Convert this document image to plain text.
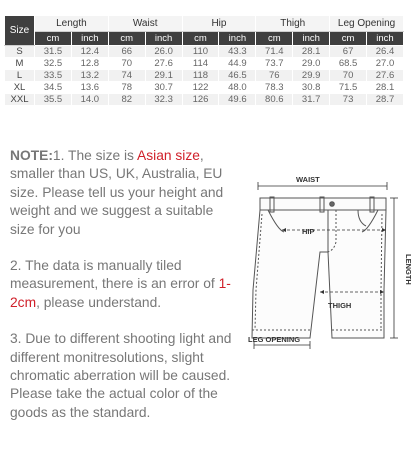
Size	Length		Waist		Hip		Thigh		Leg Opening	
	cm	inch	cm	inch	cm	inch	cm	inch	cm	inch
S	31.5	12.4	66	26.0	110	43.3	71.4	28.1	67	26.4
M	32.5	12.8	70	27.6	114	44.9	73.7	29.0	68.5	27.0
L	33.5	13.2	74	29.1	118	46.5	76	29.9	70	27.6
XL	34.5	13.6	78	30.7	122	48.0	78.3	30.8	71.5	28.1
XXL	35.5	14.0	82	32.3	126	49.6	80.6	31.7	73	28.7

NOTE:1. The size is Asian size, smaller than US, UK, Australia, EU size. Please tell us your height and weight and we suggest a suitable size for you

2. The data is manually tiled measurement, there is an error of 1-2cm, please understand.

3. Due to different shooting light and different monitresolutions, slight chromatic aberration will be caused. Please take the actual color of the goods as the standard.

WAIST
HIP
THIGH
LEG OPENING
LENGTH
